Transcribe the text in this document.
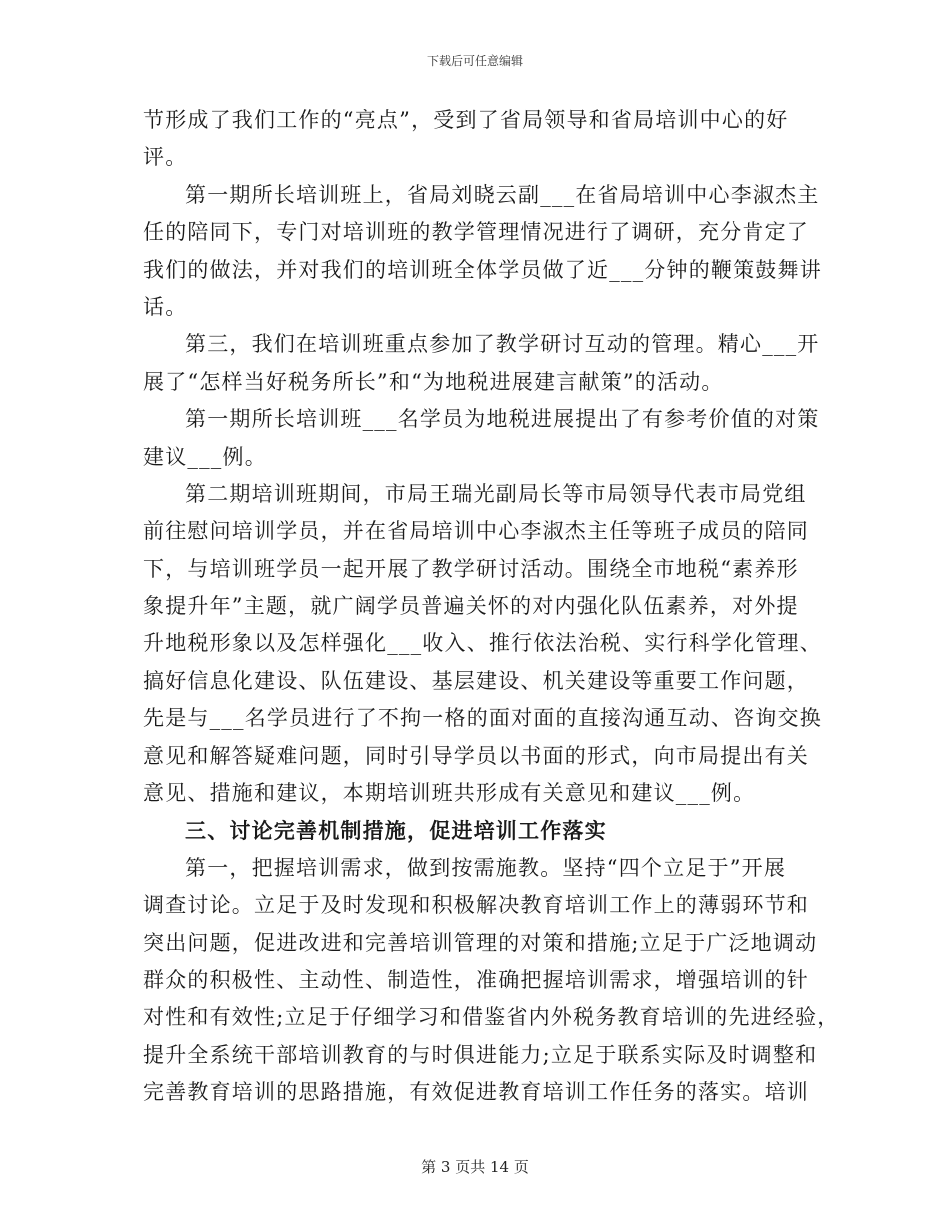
下载后可任意编辑
节形成了我们工作的“亮点”，受到了省局领导和省局培训中心的好
评。
第一期所长培训班上，省局刘晓云副___在省局培训中心李淑杰主
任的陪同下，专门对培训班的教学管理情况进行了调研，充分肯定了
我们的做法，并对我们的培训班全体学员做了近___分钟的鞭策鼓舞讲
话。
第三，我们在培训班重点参加了教学研讨互动的管理。精心___开
展了“怎样当好税务所长”和“为地税进展建言献策”的活动。
第一期所长培训班___名学员为地税进展提出了有参考价值的对策
建议___例。
第二期培训班期间，市局王瑞光副局长等市局领导代表市局党组
前往慰问培训学员，并在省局培训中心李淑杰主任等班子成员的陪同
下，与培训班学员一起开展了教学研讨活动。围绕全市地税“素养形
象提升年”主题，就广阔学员普遍关怀的对内强化队伍素养，对外提
升地税形象以及怎样强化___收入、推行依法治税、实行科学化管理、
搞好信息化建设、队伍建设、基层建设、机关建设等重要工作问题，
先是与___名学员进行了不拘一格的面对面的直接沟通互动、咨询交换
意见和解答疑难问题，同时引导学员以书面的形式，向市局提出有关
意见、措施和建议，本期培训班共形成有关意见和建议___例。
三、讨论完善机制措施，促进培训工作落实
第一，把握培训需求，做到按需施教。坚持“四个立足于”开展
调查讨论。立足于及时发现和积极解决教育培训工作上的薄弱环节和
突出问题，促进改进和完善培训管理的对策和措施;立足于广泛地调动
群众的积极性、主动性、制造性，准确把握培训需求，增强培训的针
对性和有效性;立足于仔细学习和借鉴省内外税务教育培训的先进经验，
提升全系统干部培训教育的与时俱进能力;立足于联系实际及时调整和
完善教育培训的思路措施，有效促进教育培训工作任务的落实。培训
第 3 页共 14 页
